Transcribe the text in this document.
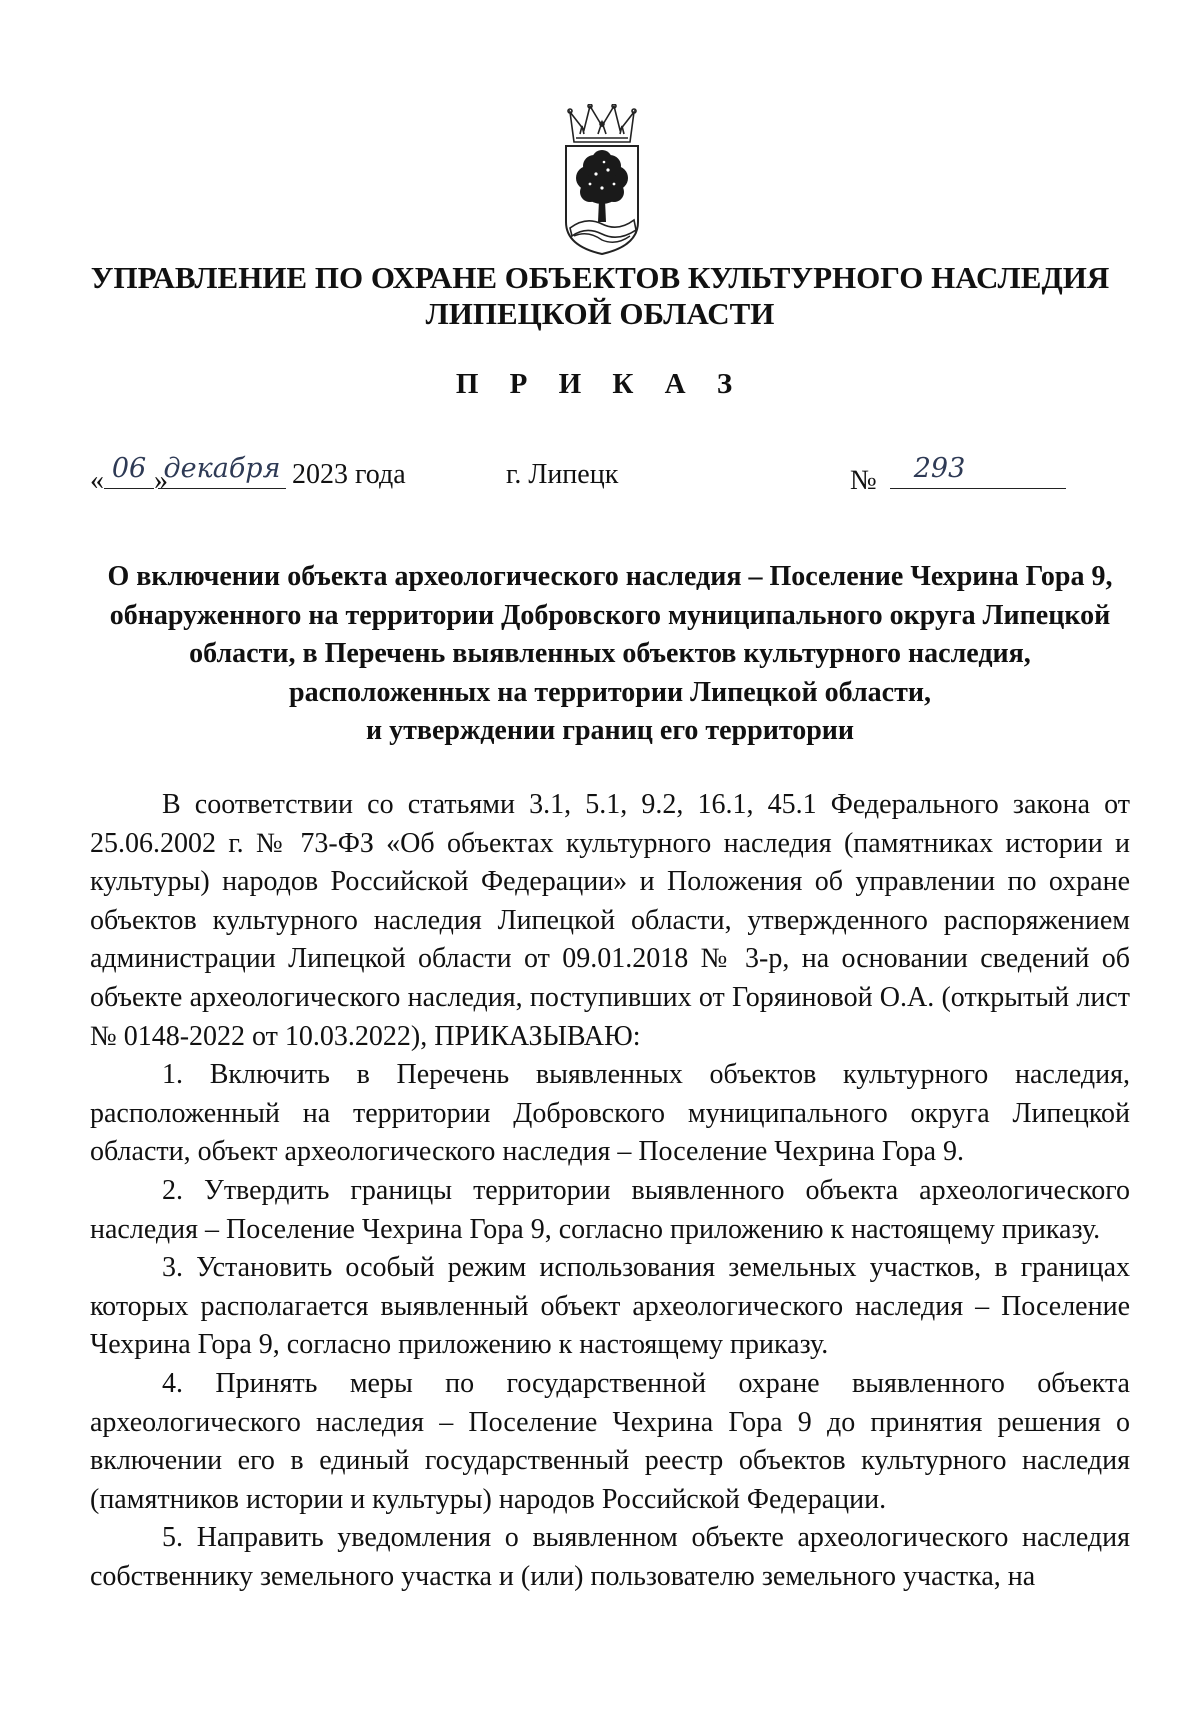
УПРАВЛЕНИЕ ПО ОХРАНЕ ОБЪЕКТОВ КУЛЬТУРНОГО НАСЛЕДИЯ
ЛИПЕЦКОЙ ОБЛАСТИ
П Р И К А З
« 06 »
декабря 2023 года	г. Липецк	№ 293
О включении объекта археологического наследия – Поселение Чехрина Гора 9,
обнаруженного на территории Добровского муниципального округа Липецкой
области, в Перечень выявленных объектов культурного наследия,
расположенных на территории Липецкой области,
и утверждении границ его территории

В соответствии со статьями 3.1, 5.1, 9.2, 16.1, 45.1 Федерального закона от 25.06.2002 г. № 73-ФЗ «Об объектах культурного наследия (памятниках истории и культуры) народов Российской Федерации» и Положения об управлении по охране объектов культурного наследия Липецкой области, утвержденного распоряжением администрации Липецкой области от 09.01.2018 № 3-р, на основании сведений об объекте археологического наследия, поступивших от Горяиновой О.А. (открытый лист № 0148-2022 от 10.03.2022), ПРИКАЗЫВАЮ:

1. Включить в Перечень выявленных объектов культурного наследия, расположенный на территории Добровского муниципального округа Липецкой области, объект археологического наследия – Поселение Чехрина Гора 9.

2. Утвердить границы территории выявленного объекта археологического наследия – Поселение Чехрина Гора 9, согласно приложению к настоящему приказу.

3. Установить особый режим использования земельных участков, в границах которых располагается выявленный объект археологического наследия – Поселение Чехрина Гора 9, согласно приложению к настоящему приказу.

4. Принять меры по государственной охране выявленного объекта археологического наследия – Поселение Чехрина Гора 9 до принятия решения о включении его в единый государственный реестр объектов культурного наследия (памятников истории и культуры) народов Российской Федерации.

5. Направить уведомления о выявленном объекте археологического наследия собственнику земельного участка и (или) пользователю земельного участка, на
